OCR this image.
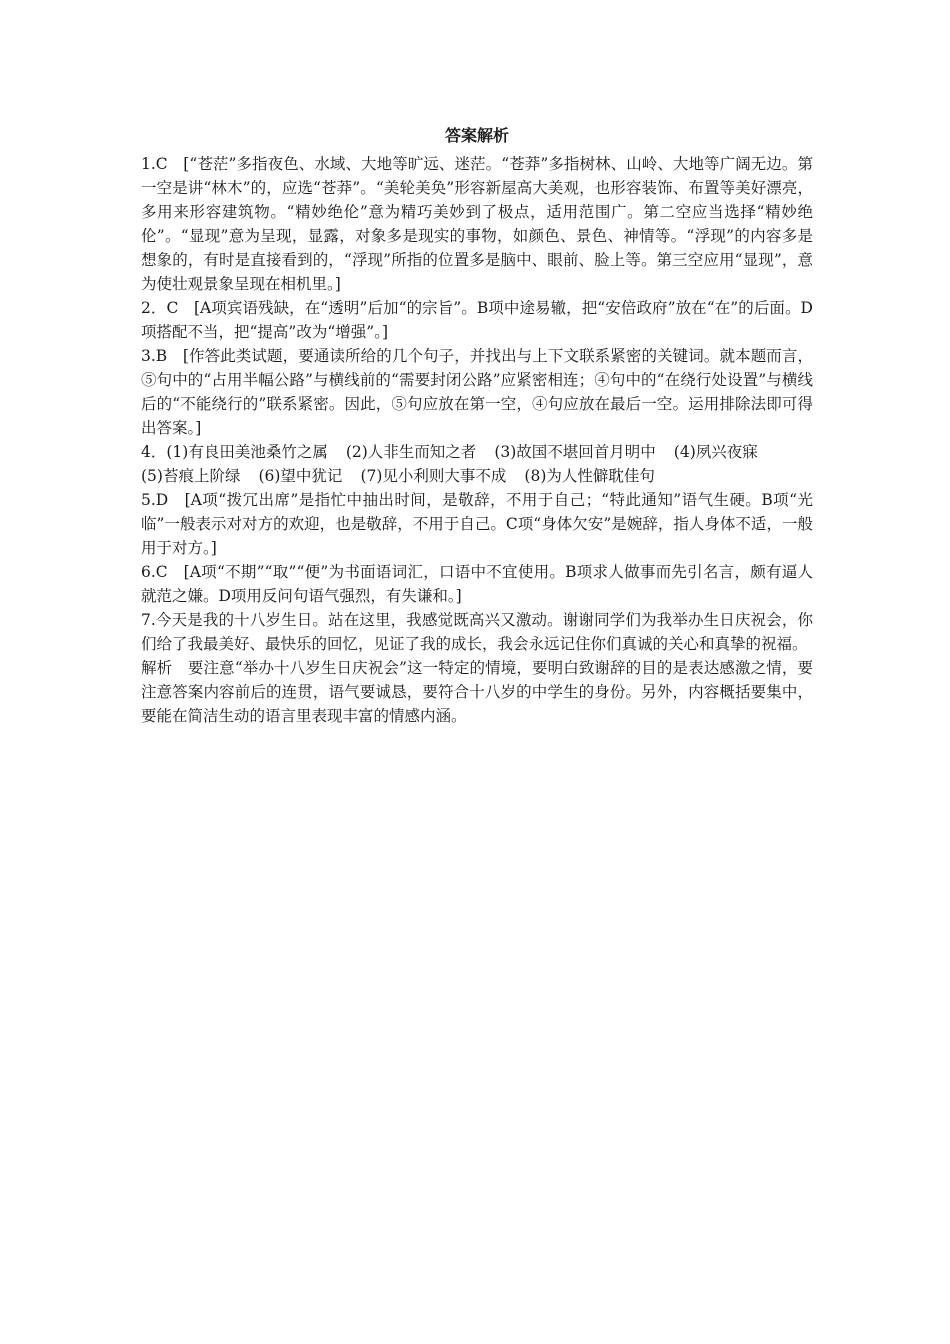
答案解析

1.C　[“苍茫”多指夜色、水域、大地等旷远、迷茫。“苍莽”多指树林、山岭、大地等广阔无边。第一空是讲“林木”的，应选“苍莽”。“美轮美奂”形容新屋高大美观，也形容装饰、布置等美好漂亮，多用来形容建筑物。“精妙绝伦”意为精巧美妙到了极点，适用范围广。第二空应当选择“精妙绝伦”。“显现”意为呈现，显露，对象多是现实的事物，如颜色、景色、神情等。“浮现”的内容多是想象的，有时是直接看到的，“浮现”所指的位置多是脑中、眼前、脸上等。第三空应用“显现”，意为使壮观景象呈现在相机里。]

2．C　[A项宾语残缺，在“透明”后加“的宗旨”。B项中途易辙，把“安倍政府”放在“在”的后面。D项搭配不当，把“提高”改为“增强”。]

3.B　[作答此类试题，要通读所给的几个句子，并找出与上下文联系紧密的关键词。就本题而言，⑤句中的“占用半幅公路”与横线前的“需要封闭公路”应紧密相连；④句中的“在绕行处设置”与横线后的“不能绕行的”联系紧密。因此，⑤句应放在第一空，④句应放在最后一空。运用排除法即可得出答案。]

4．(1)有良田美池桑竹之属 (2)人非生而知之者 (3)故国不堪回首月明中 (4)夙兴夜寐
(5)苔痕上阶绿 (6)望中犹记 (7)见小利则大事不成 (8)为人性僻耽佳句

5.D　[A项“拨冗出席”是指忙中抽出时间，是敬辞，不用于自己；“特此通知”语气生硬。B项“光临”一般表示对对方的欢迎，也是敬辞，不用于自己。C项“身体欠安”是婉辞，指人身体不适，一般用于对方。]

6.C　[A项“不期”“取”“便”为书面语词汇，口语中不宜使用。B项求人做事而先引名言，颇有逼人就范之嫌。D项用反问句语气强烈，有失谦和。]

7.今天是我的十八岁生日。站在这里，我感觉既高兴又激动。谢谢同学们为我举办生日庆祝会，你们给了我最美好、最快乐的回忆，见证了我的成长，我会永远记住你们真诚的关心和真挚的祝福。

解析　要注意“举办十八岁生日庆祝会”这一特定的情境，要明白致谢辞的目的是表达感激之情，要注意答案内容前后的连贯，语气要诚恳，要符合十八岁的中学生的身份。另外，内容概括要集中，要能在简洁生动的语言里表现丰富的情感内涵。
